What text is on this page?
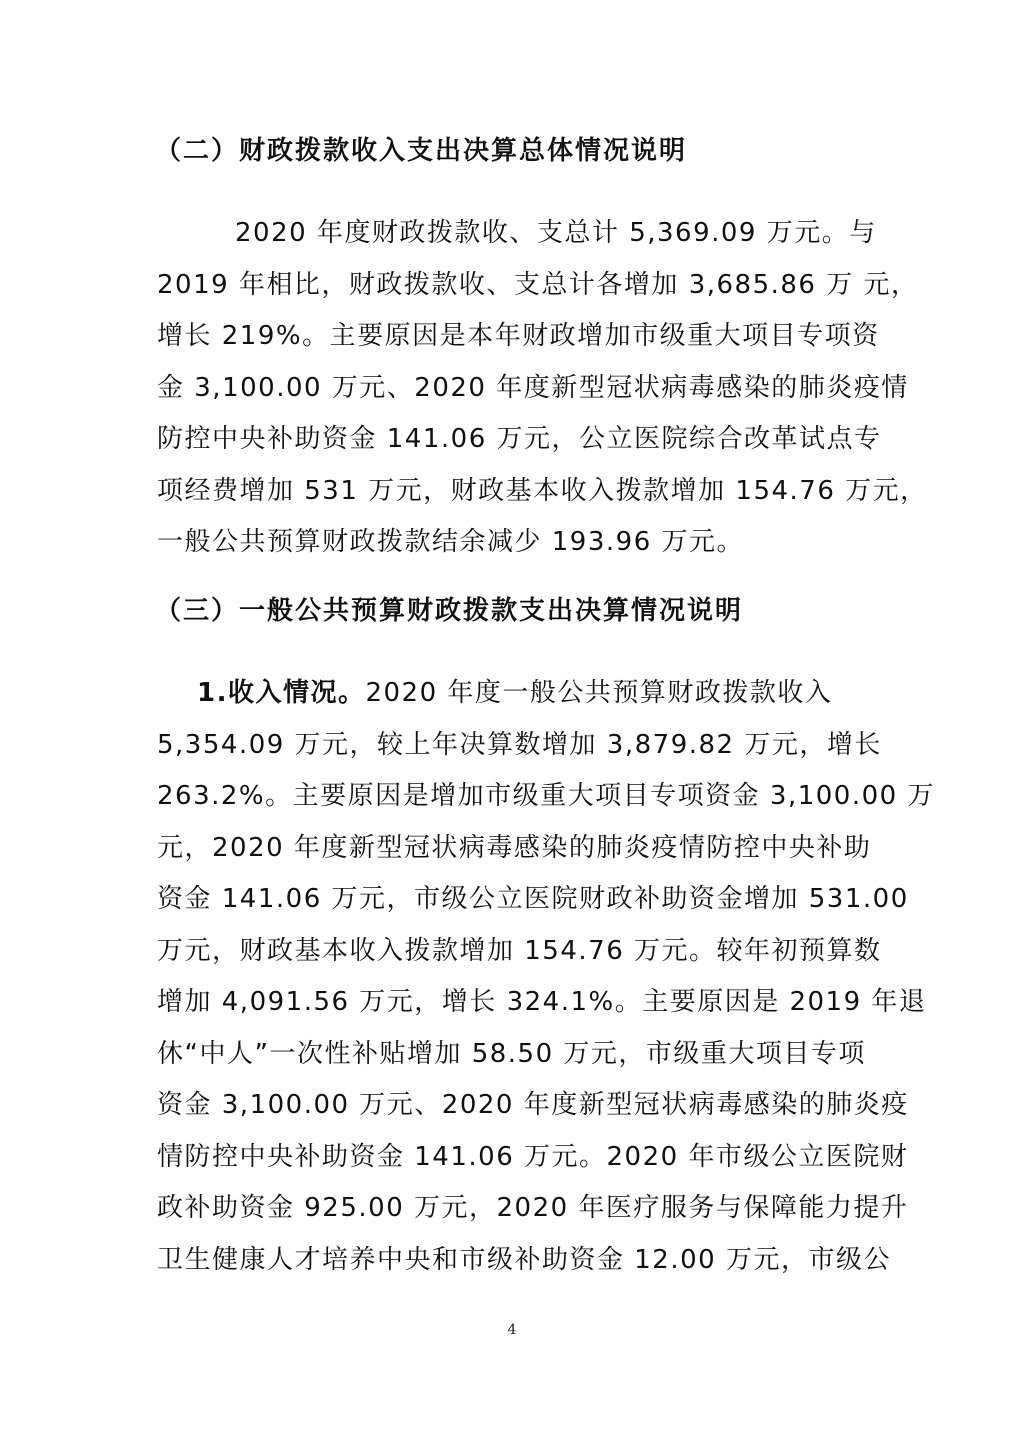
（二）财政拨款收入支出决算总体情况说明
2020 年度财政拨款收、支总计 5,369.09 万元。与
2019 年相比，财政拨款收、支总计各增加 3,685.86 万 元，
增长 219%。主要原因是本年财政增加市级重大项目专项资
金 3,100.00 万元、2020 年度新型冠状病毒感染的肺炎疫情
防控中央补助资金 141.06 万元，公立医院综合改革试点专
项经费增加 531 万元，财政基本收入拨款增加 154.76 万元，
一般公共预算财政拨款结余减少 193.96 万元。
（三）一般公共预算财政拨款支出决算情况说明
1.收入情况。2020 年度一般公共预算财政拨款收入
5,354.09 万元，较上年决算数增加 3,879.82 万元，增长
263.2%。主要原因是增加市级重大项目专项资金 3,100.00 万
元，2020 年度新型冠状病毒感染的肺炎疫情防控中央补助
资金 141.06 万元，市级公立医院财政补助资金增加 531.00
万元，财政基本收入拨款增加 154.76 万元。较年初预算数
增加 4,091.56 万元，增长 324.1%。主要原因是 2019 年退
休“中人”一次性补贴增加 58.50 万元，市级重大项目专项
资金 3,100.00 万元、2020 年度新型冠状病毒感染的肺炎疫
情防控中央补助资金 141.06 万元。2020 年市级公立医院财
政补助资金 925.00 万元，2020 年医疗服务与保障能力提升
卫生健康人才培养中央和市级补助资金 12.00 万元，市级公
4
